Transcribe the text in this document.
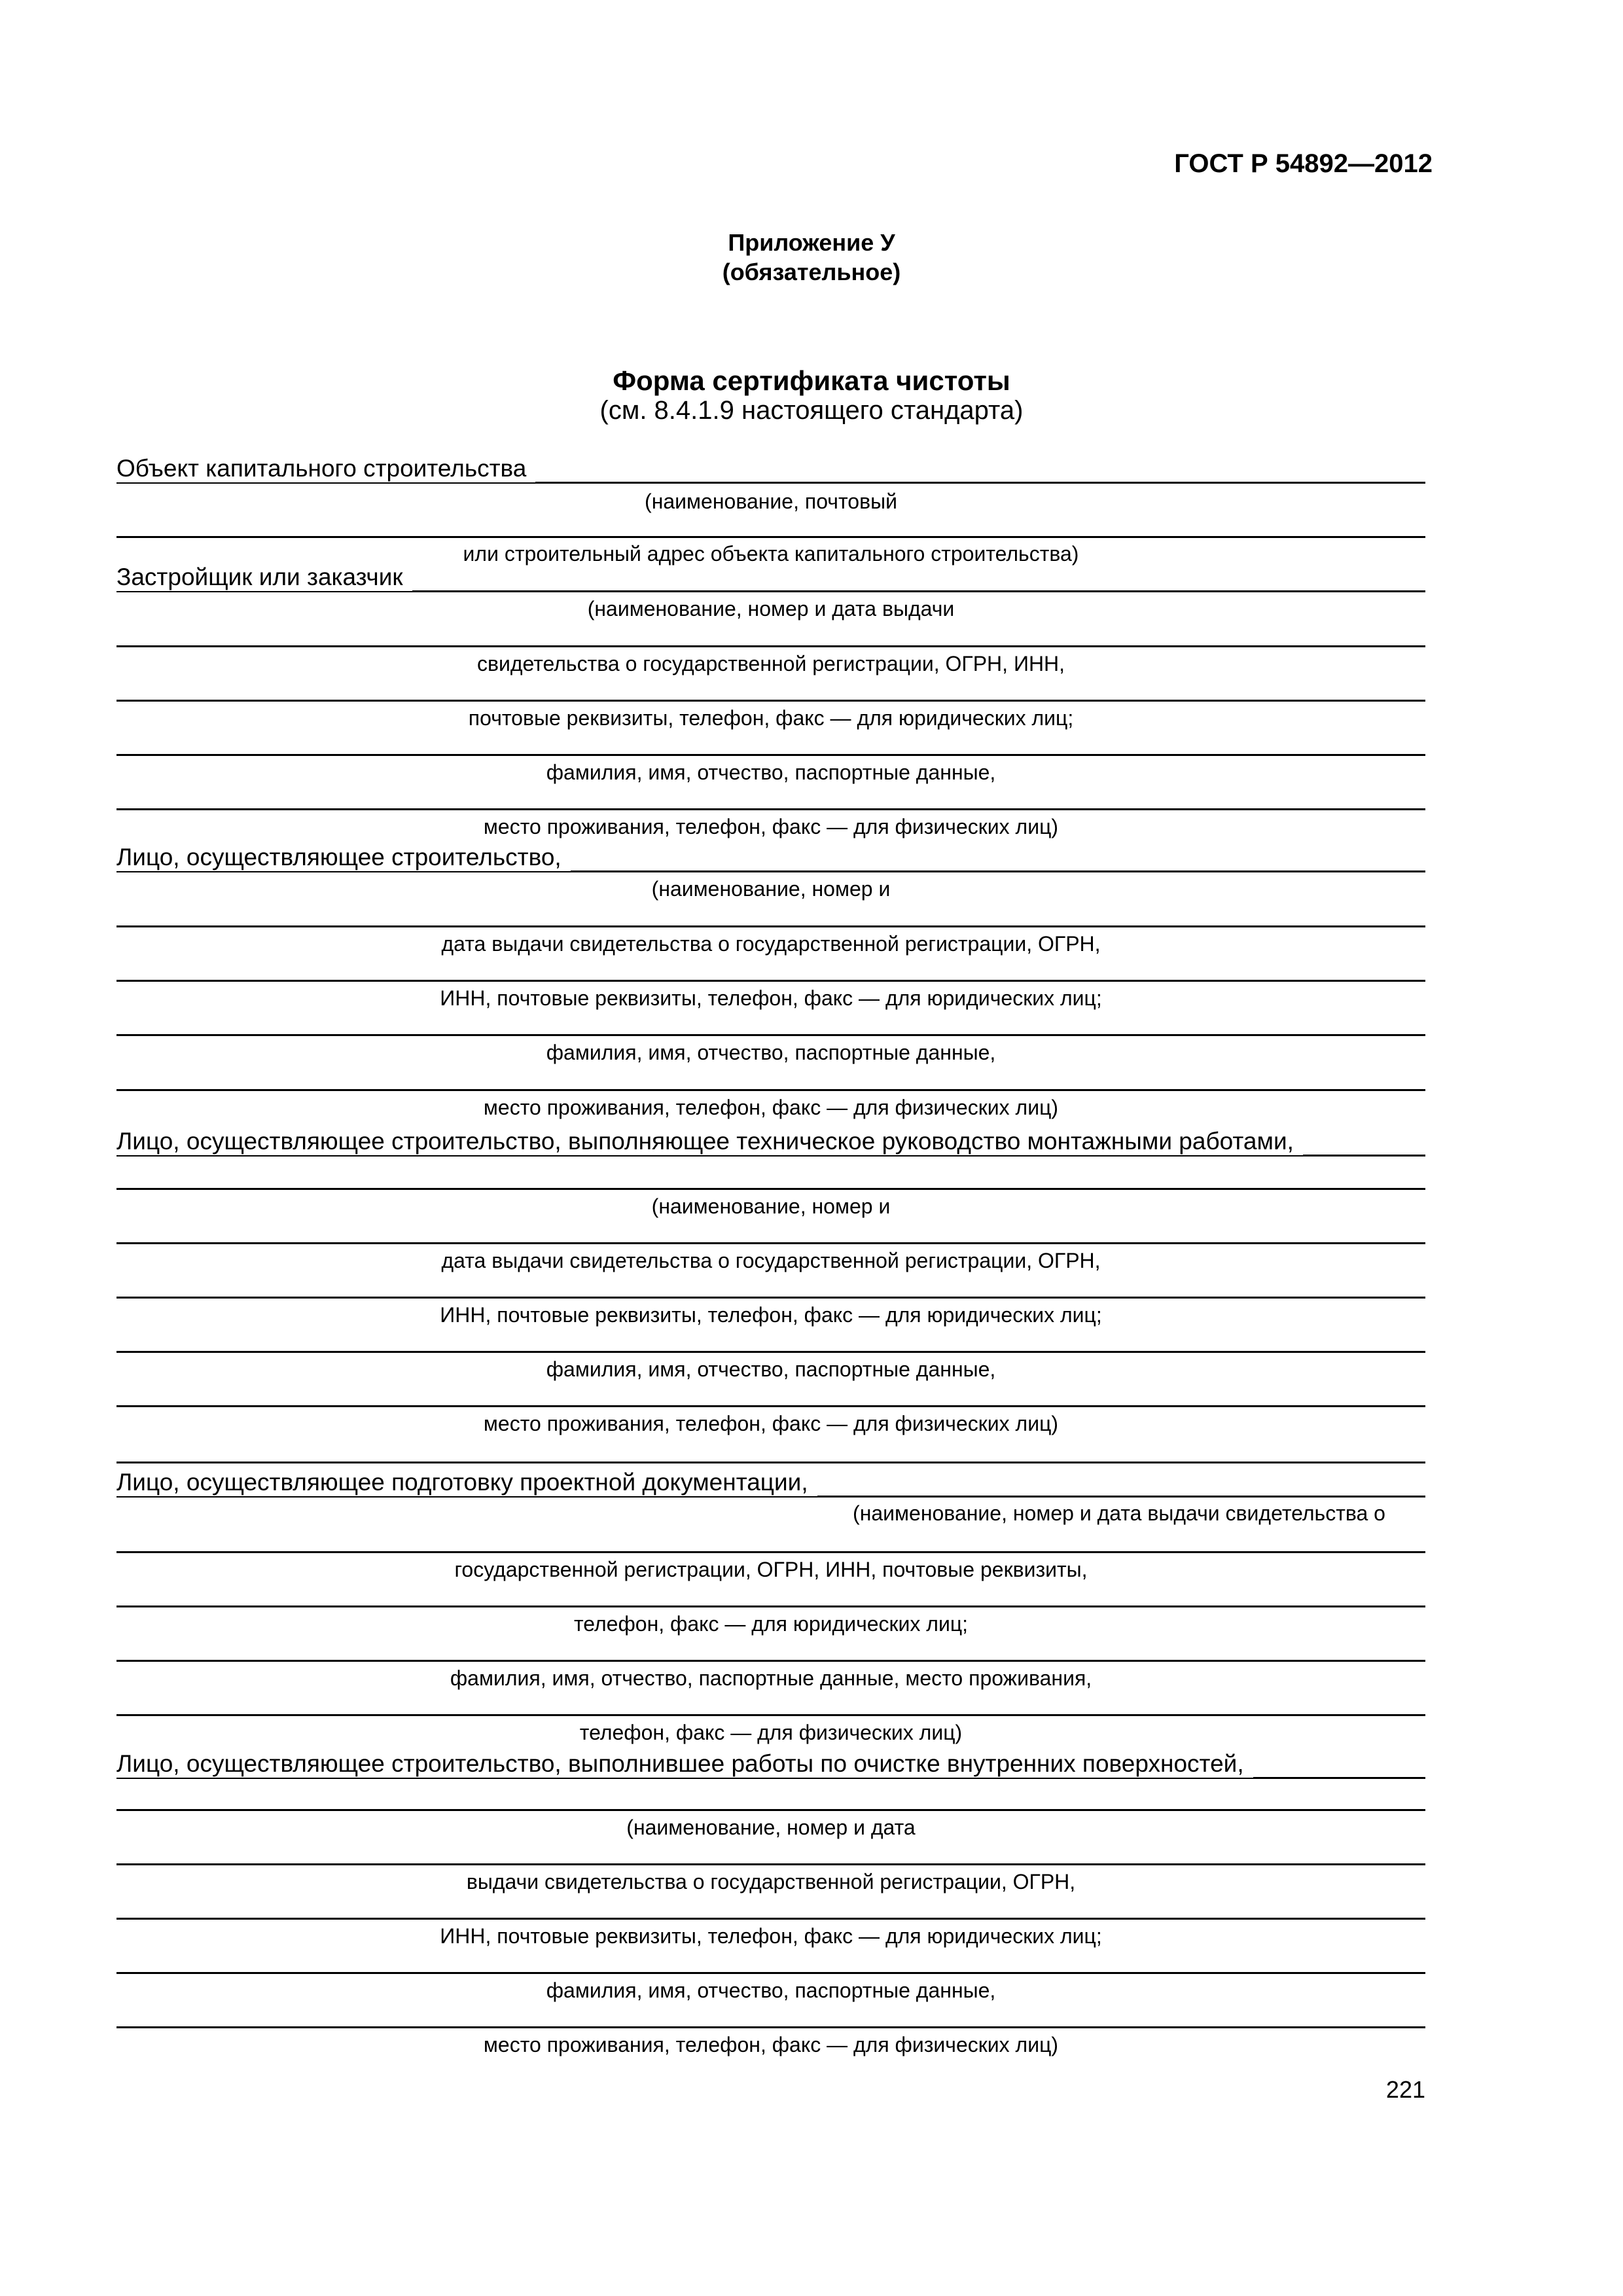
ГОСТ Р 54892—2012
Приложение У
(обязательное)
Форма сертификата чистоты
(см. 8.4.1.9 настоящего стандарта)
Объект капитального строительства
(наименование, почтовый
или строительный адрес объекта капитального строительства)
Застройщик или заказчик
(наименование, номер и дата выдачи
свидетельства о государственной регистрации, ОГРН, ИНН,
почтовые реквизиты, телефон, факс — для юридических лиц;
фамилия, имя, отчество, паспортные данные,
место проживания, телефон, факс — для физических лиц)
Лицо, осуществляющее строительство,
(наименование, номер и
дата выдачи свидетельства о государственной регистрации, ОГРН,
ИНН, почтовые реквизиты, телефон, факс — для юридических лиц;
фамилия, имя, отчество, паспортные данные,
место проживания, телефон, факс — для физических лиц)
Лицо, осуществляющее строительство, выполняющее техническое руководство монтажными работами,
(наименование, номер и
дата выдачи свидетельства о государственной регистрации, ОГРН,
ИНН, почтовые реквизиты, телефон, факс — для юридических лиц;
фамилия, имя, отчество, паспортные данные,
место проживания, телефон, факс — для физических лиц)
Лицо, осуществляющее подготовку проектной документации,
(наименование, номер и дата выдачи свидетельства о
государственной регистрации, ОГРН, ИНН, почтовые реквизиты,
телефон, факс — для юридических лиц;
фамилия, имя, отчество, паспортные данные, место проживания,
телефон, факс — для физических лиц)
Лицо, осуществляющее строительство, выполнившее работы по очистке внутренних поверхностей,
(наименование, номер и дата
выдачи свидетельства о государственной регистрации, ОГРН,
ИНН, почтовые реквизиты, телефон, факс — для юридических лиц;
фамилия, имя, отчество, паспортные данные,
место проживания, телефон, факс — для физических лиц)
221
